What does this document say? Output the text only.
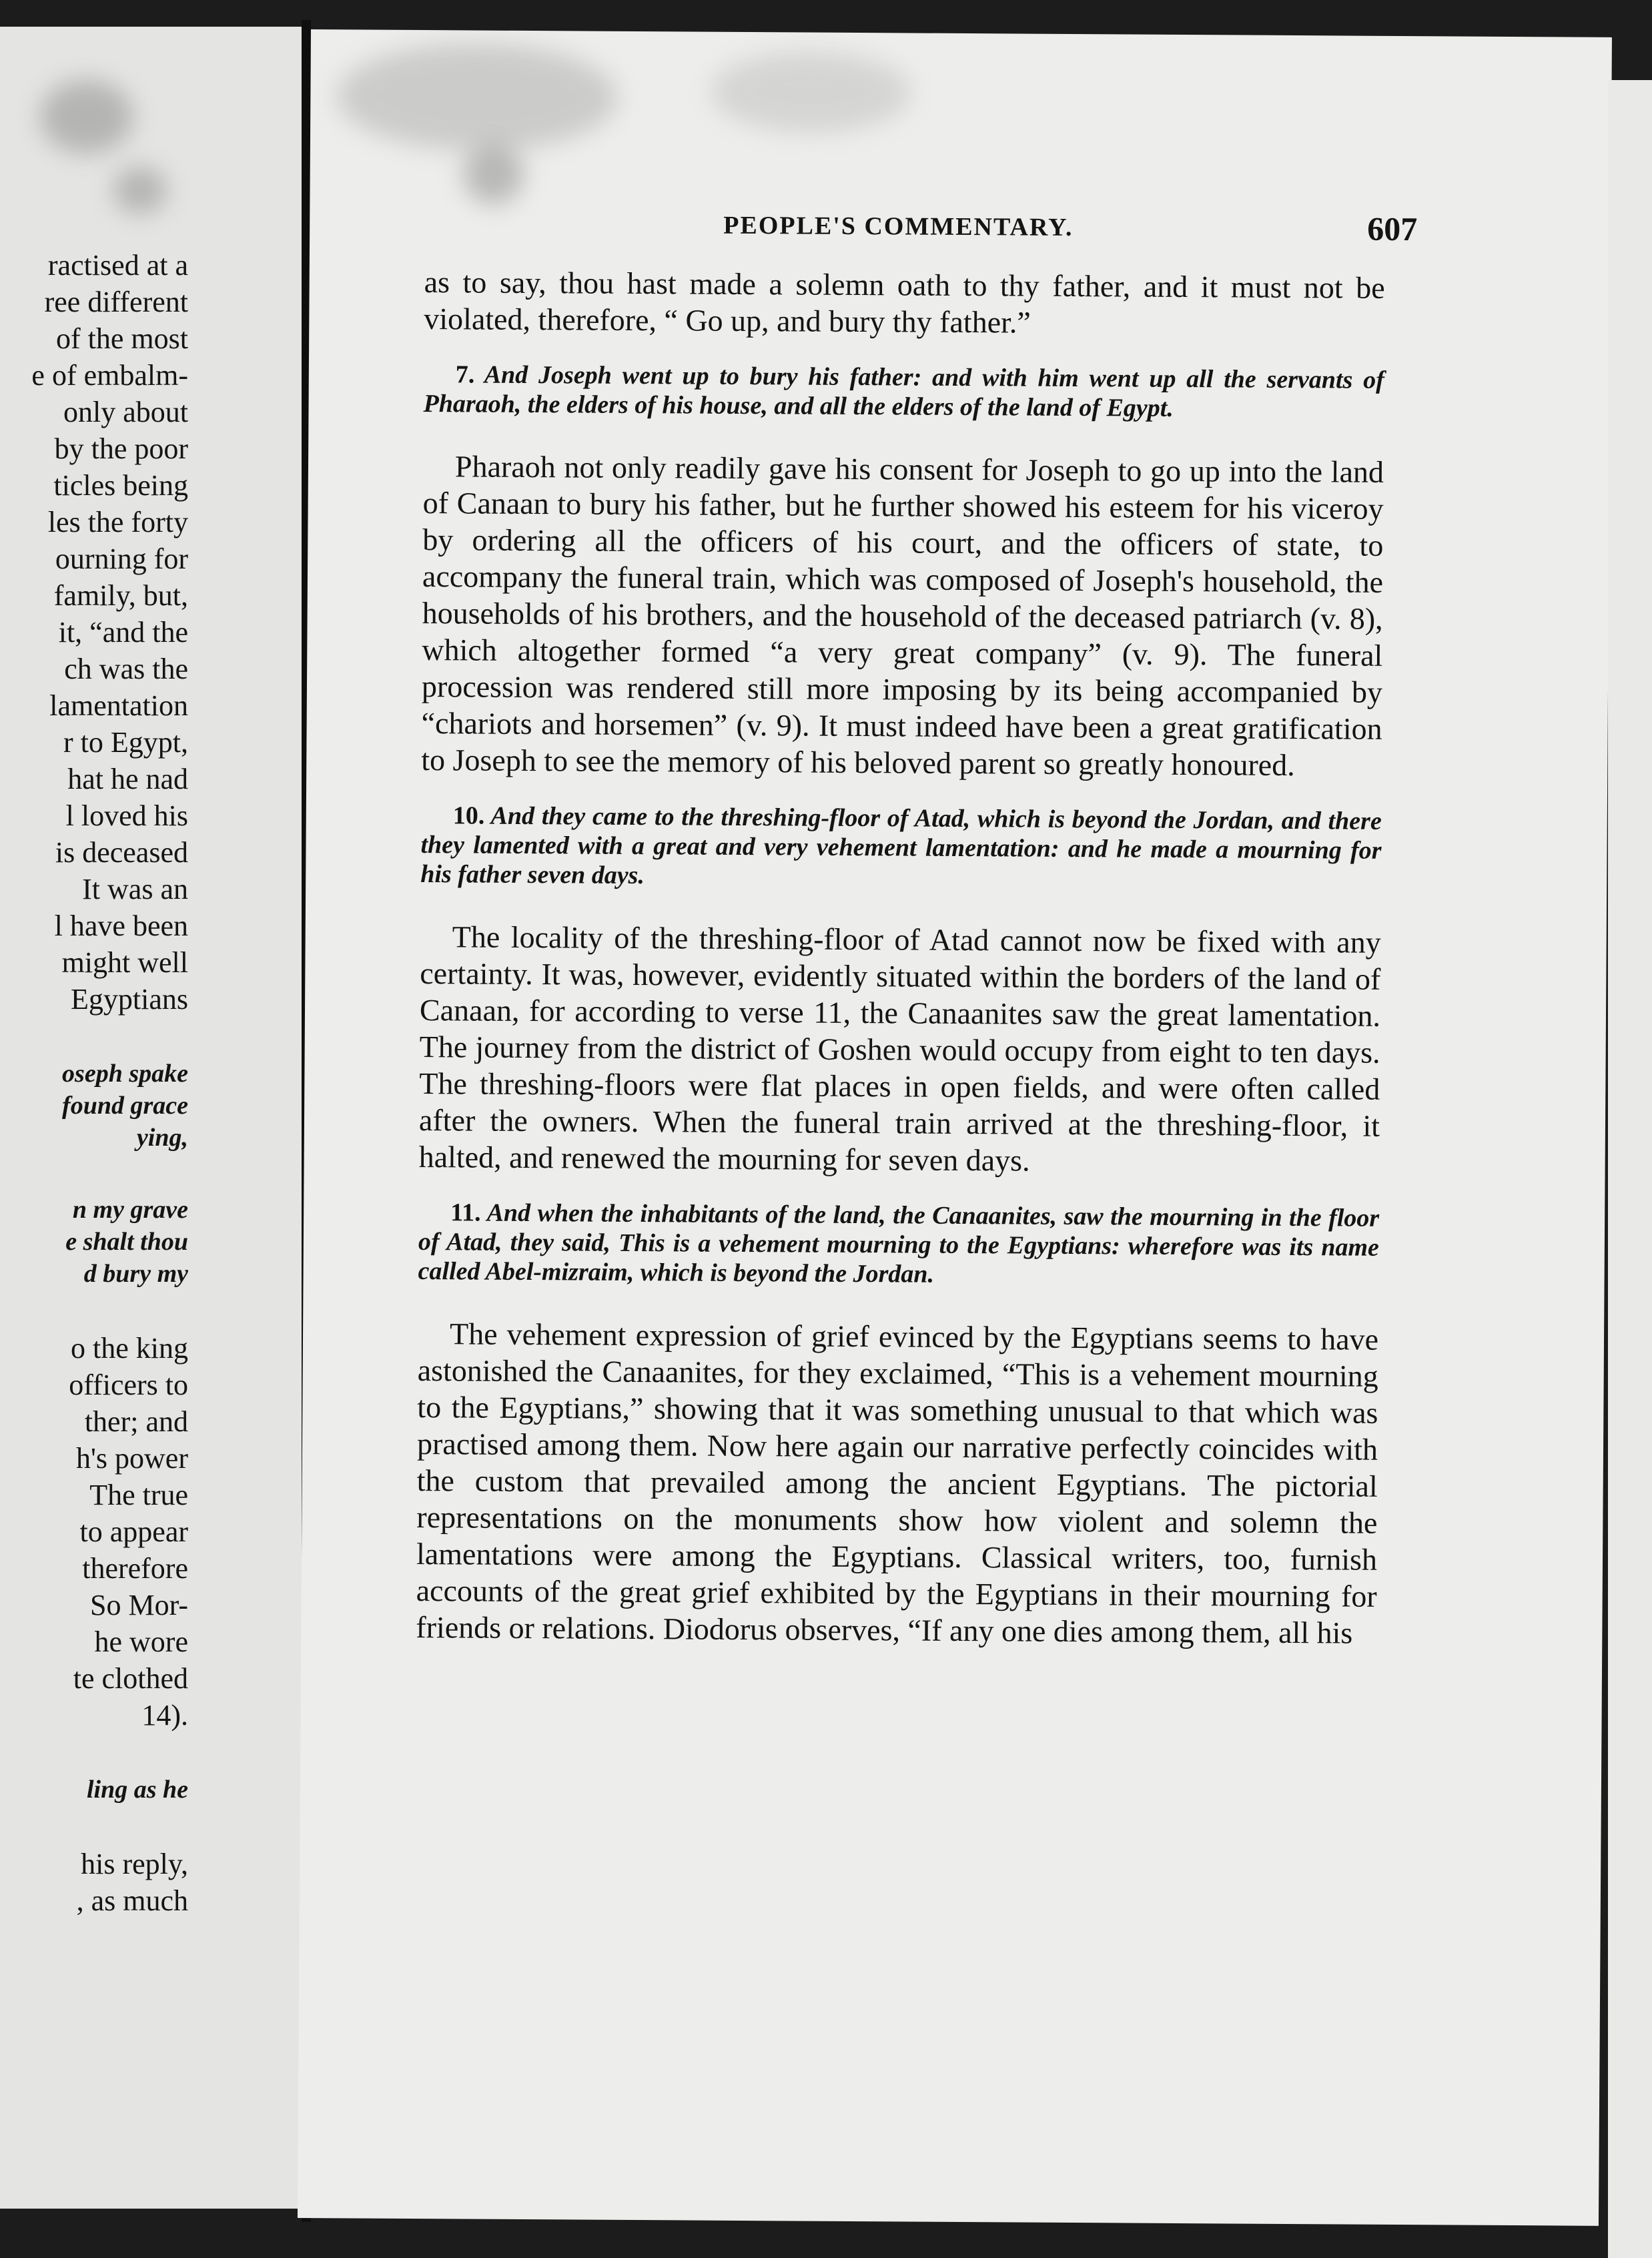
ractised at a
ree different
of the most
e of embalm-
only about
by the poor
ticles being
les the forty
ourning for
family, but,
it, “and the
ch was the
lamentation
r to Egypt,
hat he nad
l loved his
is deceased
It was an
l have been
might well
Egyptians
oseph spake
found grace
ying,
n my grave
e shalt thou
d bury my
o the king
officers to
ther; and
h's power
The true
to appear
therefore
So Mor-
he wore
te clothed
14).
ling as he
his reply,
, as much
PEOPLE'S COMMENTARY.	607

as to say, thou hast made a solemn oath to thy father, and it must not be violated, therefore, “ Go up, and bury thy father.”

7. And Joseph went up to bury his father: and with him went up all the servants of Pharaoh, the elders of his house, and all the elders of the land of Egypt.

Pharaoh not only readily gave his consent for Joseph to go up into the land of Canaan to bury his father, but he further showed his esteem for his viceroy by ordering all the officers of his court, and the officers of state, to accompany the funeral train, which was composed of Joseph's household, the households of his brothers, and the household of the deceased patriarch (v. 8), which altogether formed “a very great company” (v. 9). The funeral procession was rendered still more imposing by its being accompanied by “chariots and horsemen” (v. 9). It must indeed have been a great gratification to Joseph to see the memory of his beloved parent so greatly honoured.

10. And they came to the threshing-floor of Atad, which is beyond the Jordan, and there they lamented with a great and very vehement lamentation: and he made a mourning for his father seven days.

The locality of the threshing-floor of Atad cannot now be fixed with any certainty. It was, however, evidently situated within the borders of the land of Canaan, for according to verse 11, the Canaanites saw the great lamentation. The journey from the district of Goshen would occupy from eight to ten days. The threshing-floors were flat places in open fields, and were often called after the owners. When the funeral train arrived at the threshing-floor, it halted, and renewed the mourning for seven days.

11. And when the inhabitants of the land, the Canaanites, saw the mourning in the floor of Atad, they said, This is a vehement mourning to the Egyptians: wherefore was its name called Abel-mizraim, which is beyond the Jordan.

The vehement expression of grief evinced by the Egyptians seems to have astonished the Canaanites, for they exclaimed, “This is a vehement mourning to the Egyptians,” showing that it was something unusual to that which was practised among them. Now here again our narrative perfectly coincides with the custom that prevailed among the ancient Egyptians. The pictorial representations on the monuments show how violent and solemn the lamentations were among the Egyptians. Classical writers, too, furnish accounts of the great grief exhibited by the Egyptians in their mourning for friends or relations. Diodorus observes, “If any one dies among them, all his
